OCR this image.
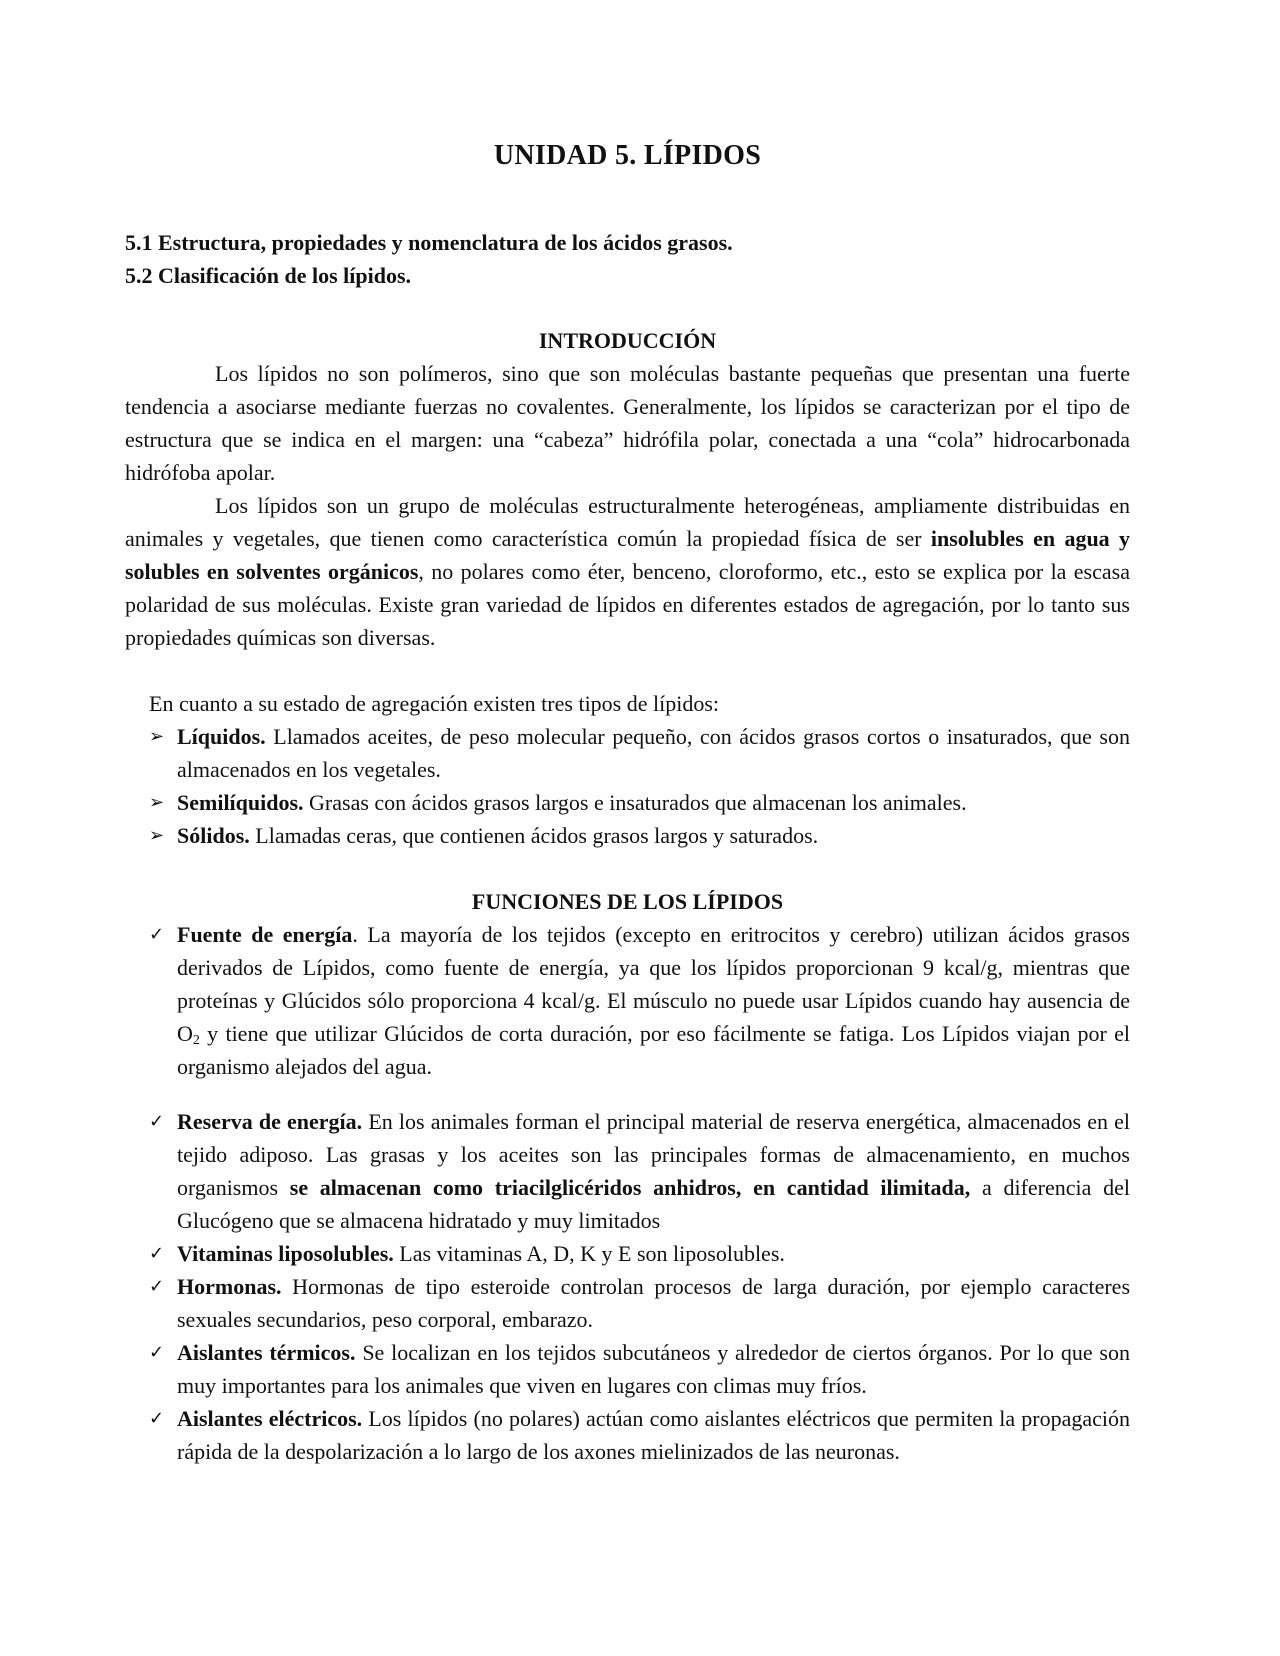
UNIDAD 5. LÍPIDOS
5.1 Estructura, propiedades y nomenclatura de los ácidos grasos.
5.2 Clasificación de los lípidos.
INTRODUCCIÓN

Los lípidos no son polímeros, sino que son moléculas bastante pequeñas que presentan una fuerte tendencia a asociarse mediante fuerzas no covalentes. Generalmente, los lípidos se caracterizan por el tipo de estructura que se indica en el margen: una “cabeza” hidrófila polar, conectada a una “cola” hidrocarbonada hidrófoba apolar.

Los lípidos son un grupo de moléculas estructuralmente heterogéneas, ampliamente distribuidas en animales y vegetales, que tienen como característica común la propiedad física de ser insolubles en agua y solubles en solventes orgánicos, no polares como éter, benceno, cloroformo, etc., esto se explica por la escasa polaridad de sus moléculas. Existe gran variedad de lípidos en diferentes estados de agregación, por lo tanto sus propiedades químicas son diversas.

En cuanto a su estado de agregación existen tres tipos de lípidos:

➢ Líquidos. Llamados aceites, de peso molecular pequeño, con ácidos grasos cortos o insaturados, que son almacenados en los vegetales.
➢ Semilíquidos. Grasas con ácidos grasos largos e insaturados que almacenan los animales.
➢ Sólidos. Llamadas ceras, que contienen ácidos grasos largos y saturados.
FUNCIONES DE LOS LÍPIDOS
✓ Fuente de energía. La mayoría de los tejidos (excepto en eritrocitos y cerebro) utilizan ácidos grasos derivados de Lípidos, como fuente de energía, ya que los lípidos proporcionan 9 kcal/g, mientras que proteínas y Glúcidos sólo proporciona 4 kcal/g. El músculo no puede usar Lípidos cuando hay ausencia de $O_2$ y tiene que utilizar Glúcidos de corta duración, por eso fácilmente se fatiga. Los Lípidos viajan por el organismo alejados del agua.
✓ Reserva de energía. En los animales forman el principal material de reserva energética, almacenados en el tejido adiposo. Las grasas y los aceites son las principales formas de almacenamiento, en muchos organismos se almacenan como triacilglicéridos anhidros, en cantidad ilimitada, a diferencia del Glucógeno que se almacena hidratado y muy limitados
✓ Vitaminas liposolubles. Las vitaminas A, D, K y E son liposolubles.
✓ Hormonas. Hormonas de tipo esteroide controlan procesos de larga duración, por ejemplo caracteres sexuales secundarios, peso corporal, embarazo.
✓ Aislantes térmicos. Se localizan en los tejidos subcutáneos y alrededor de ciertos órganos. Por lo que son muy importantes para los animales que viven en lugares con climas muy fríos.
✓ Aislantes eléctricos. Los lípidos (no polares) actúan como aislantes eléctricos que permiten la propagación rápida de la despolarización a lo largo de los axones mielinizados de las neuronas.
